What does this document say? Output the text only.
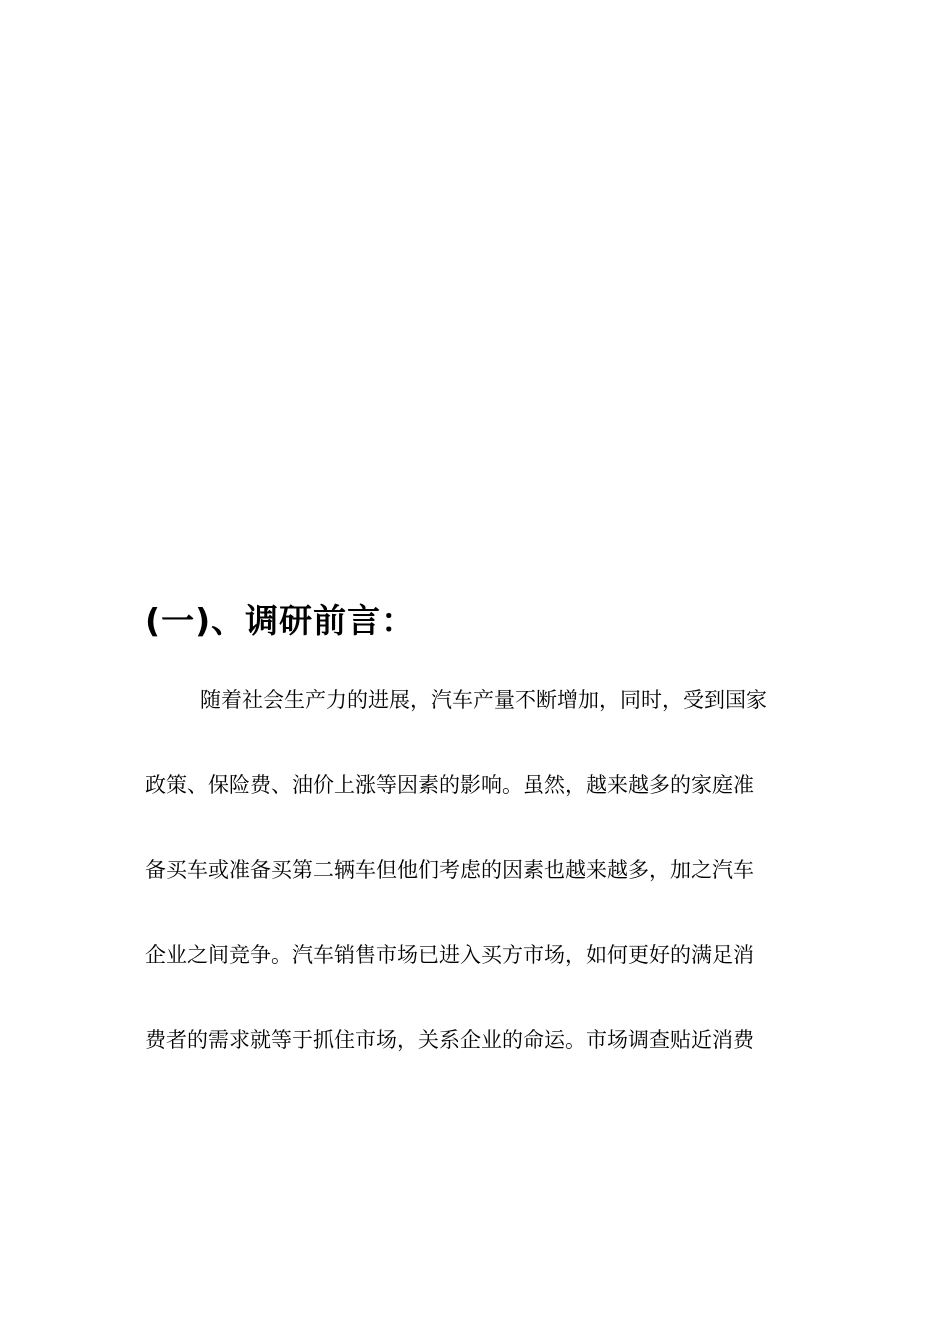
(一)、调研前言：
随着社会生产力的进展，汽车产量不断增加，同时，受到国家
政策、保险费、油价上涨等因素的影响。虽然，越来越多的家庭准
备买车或准备买第二辆车但他们考虑的因素也越来越多，加之汽车
企业之间竞争。汽车销售市场已进入买方市场，如何更好的满足消
费者的需求就等于抓住市场，关系企业的命运。市场调查贴近消费
